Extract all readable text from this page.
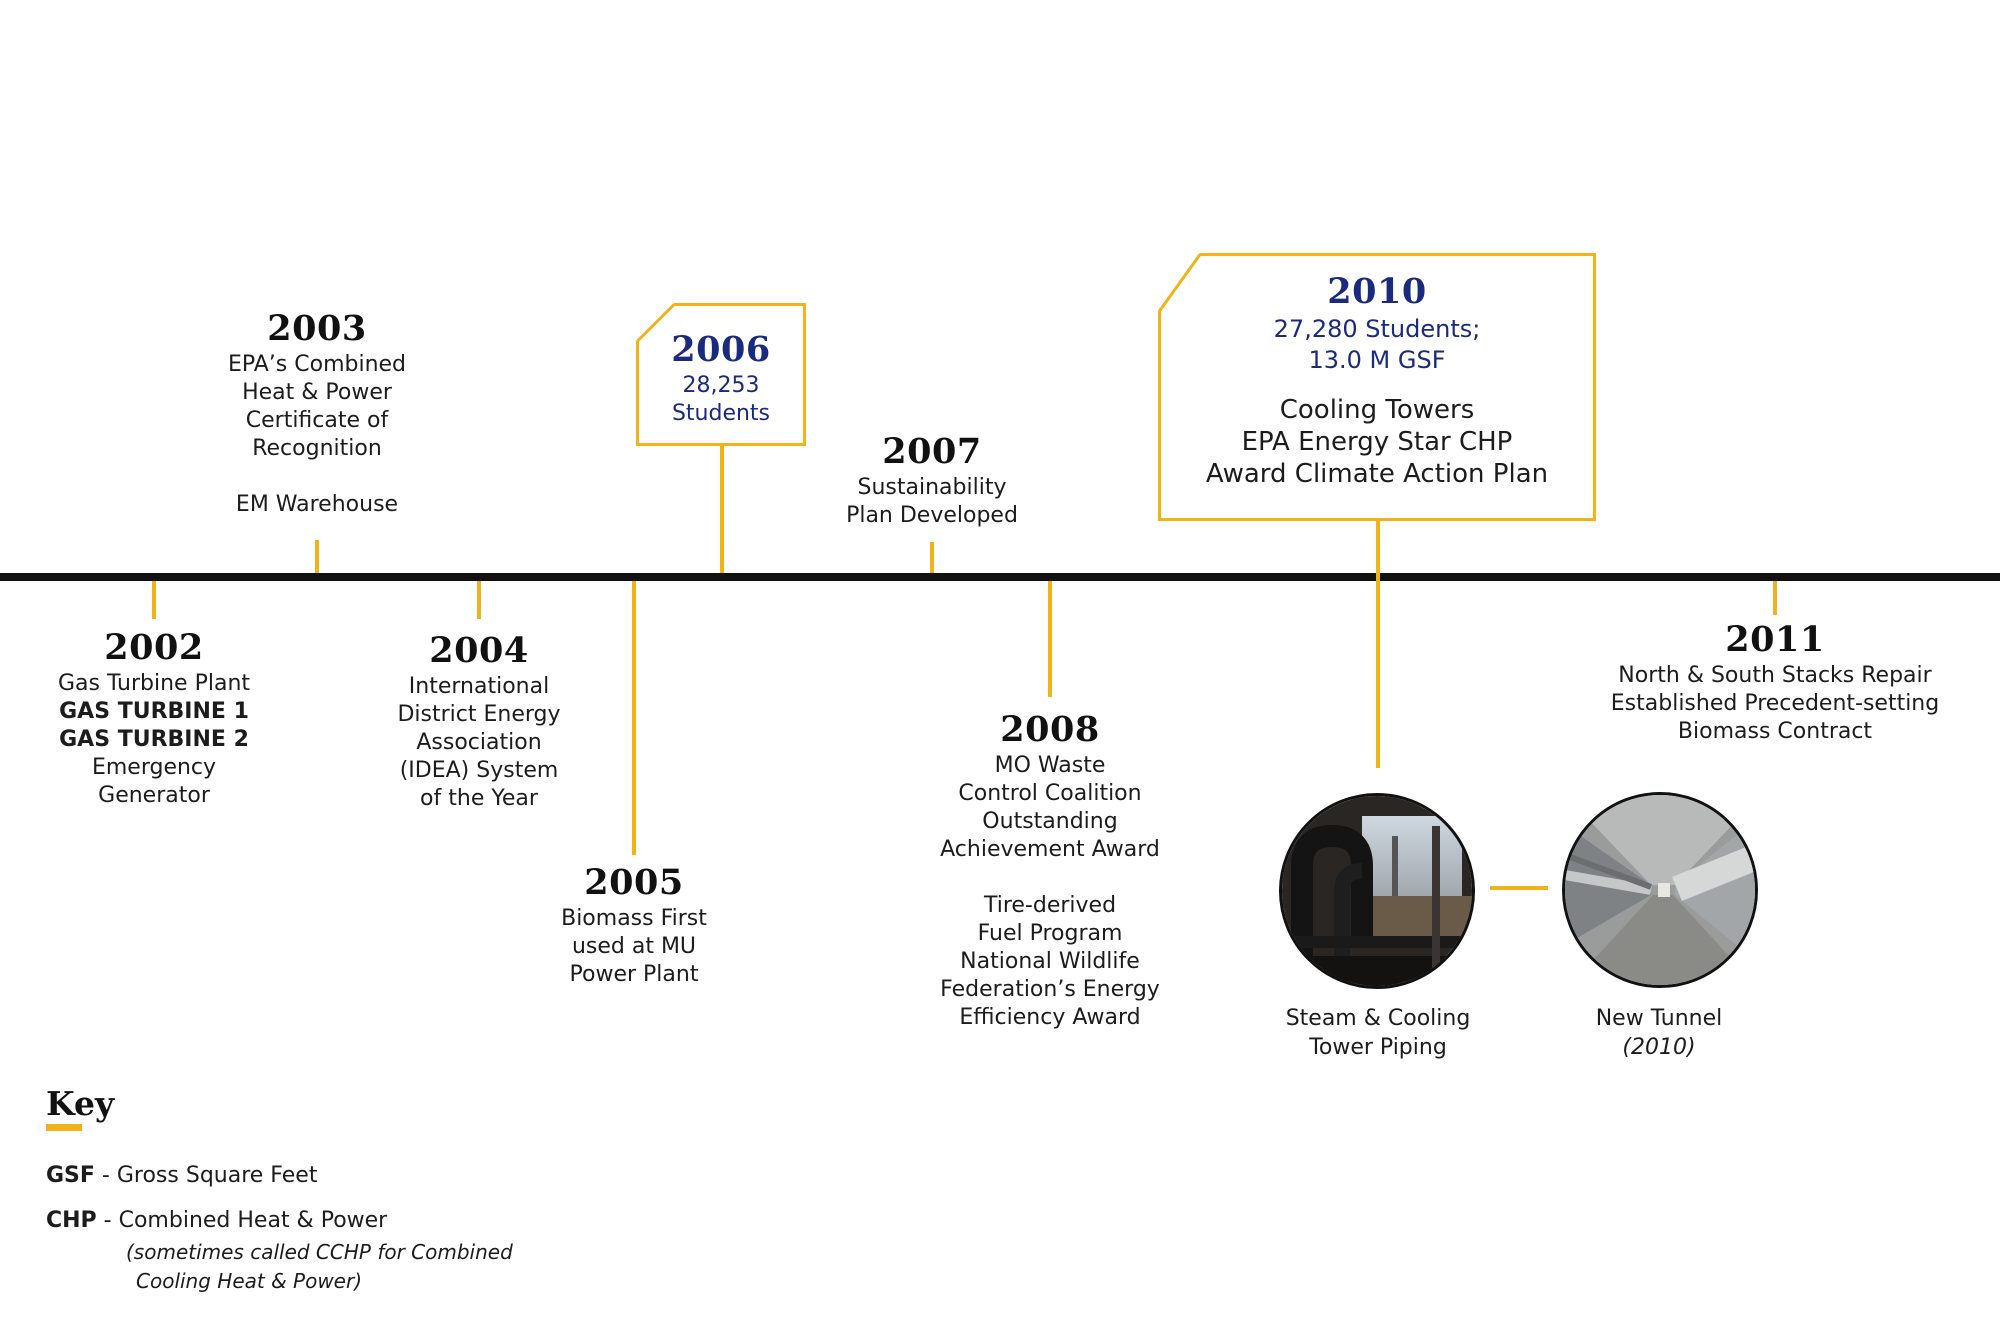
2002
Gas Turbine Plant
GAS TURBINE 1
GAS TURBINE 2
Emergency
Generator
2003
EPA’s Combined
Heat & Power
Certificate of
Recognition
EM Warehouse
2004
International
District Energy
Association
(IDEA) System
of the Year
2005
Biomass First
used at MU
Power Plant
2006
28,253
Students
2007
Sustainability
Plan Developed
2008
MO Waste
Control Coalition
Outstanding
Achievement Award
Tire-derived
Fuel Program
National Wildlife
Federation’s Energy
Efficiency Award
2010
27,280 Students;
13.0 M GSF
Cooling Towers
EPA Energy Star CHP
Award Climate Action Plan
2011
North & South Stacks Repair
Established Precedent-setting
Biomass Contract
Steam & Cooling
Tower Piping
New Tunnel
(2010)
Key
GSF - Gross Square Feet
CHP - Combined Heat & Power
(sometimes called CCHP for Combined
Cooling Heat & Power)
